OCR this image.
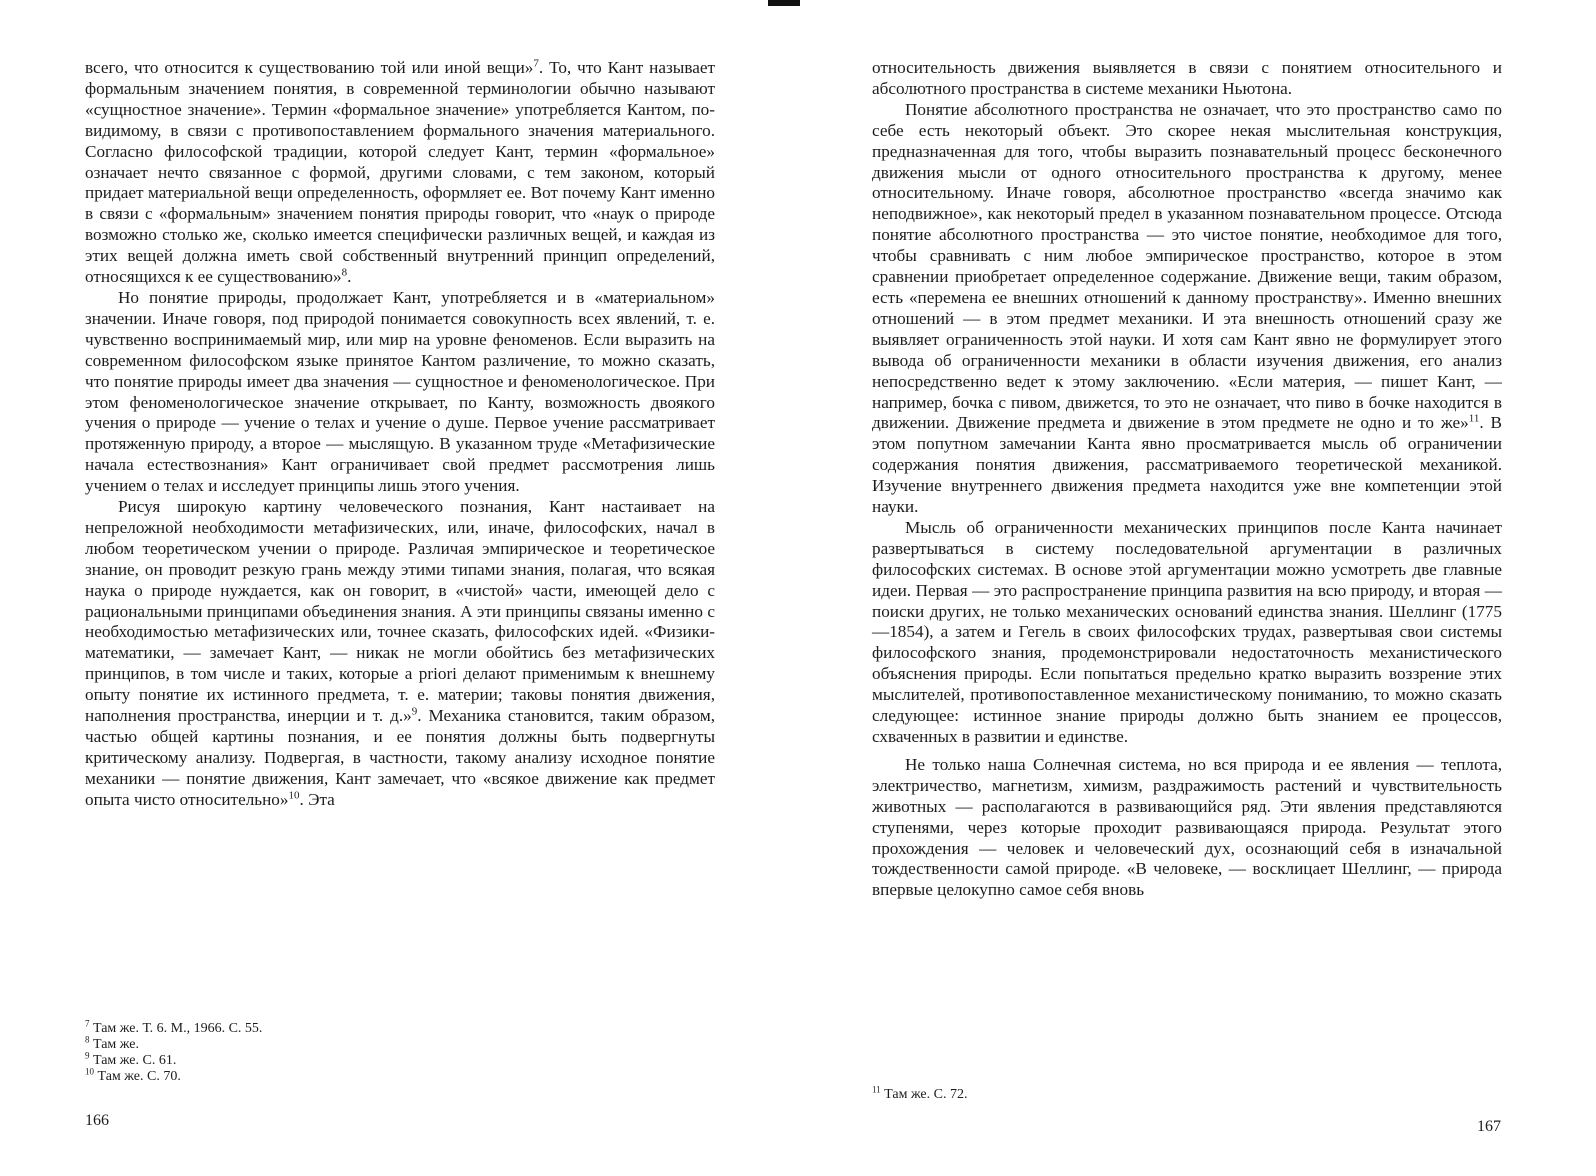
всего, что относится к существованию той или иной вещи»$^7$. То, что Кант называет формальным значением понятия, в современной терминологии обычно называют «сущностное значение». Термин «формальное значение» употребляется Кантом, по-видимому, в связи с противопоставлением формального значения материального. Согласно философской традиции, которой следует Кант, термин «формальное» означает нечто связанное с формой, другими словами, с тем законом, который придает материальной вещи определенность, оформляет ее. Вот почему Кант именно в связи с «формальным» значением понятия природы говорит, что «наук о природе возможно столько же, сколько имеется специфически различных вещей, и каждая из этих вещей должна иметь свой собственный внутренний принцип определений, относящихся к ее существованию»$^8$.

Но понятие природы, продолжает Кант, употребляется и в «материальном» значении. Иначе говоря, под природой понимается совокупность всех явлений, т. е. чувственно воспринимаемый мир, или мир на уровне феноменов. Если выразить на современном философском языке принятое Кантом различение, то можно сказать, что понятие природы имеет два значения — сущностное и феноменологическое. При этом феноменологическое значение открывает, по Канту, возможность двоякого учения о природе — учение о телах и учение о душе. Первое учение рассматривает протяженную природу, а второе — мыслящую. В указанном труде «Метафизические начала естествознания» Кант ограничивает свой предмет рассмотрения лишь учением о телах и исследует принципы лишь этого учения.

Рисуя широкую картину человеческого познания, Кант настаивает на непреложной необходимости метафизических, или, иначе, философских, начал в любом теоретическом учении о природе. Различая эмпирическое и теоретическое знание, он проводит резкую грань между этими типами знания, полагая, что всякая наука о природе нуждается, как он говорит, в «чистой» части, имеющей дело с рациональными принципами объединения знания. А эти принципы связаны именно с необходимостью метафизических или, точнее сказать, философских идей. «Физики-математики, — замечает Кант, — никак не могли обойтись без метафизических принципов, в том числе и таких, которые a priori делают применимым к внешнему опыту понятие их истинного предмета, т. е. материи; таковы понятия движения, наполнения пространства, инерции и т. д.»$^9$. Механика становится, таким образом, частью общей картины познания, и ее понятия должны быть подвергнуты критическому анализу. Подвергая, в частности, такому анализу исходное понятие механики — понятие движения, Кант замечает, что «всякое движение как предмет опыта чисто относительно»$^{10}$. Эта

$^7$ Там же. Т. 6. М., 1966. С. 55.
$^8$ Там же.
$^9$ Там же. С. 61.
$^{10}$ Там же. С. 70.
166

относительность движения выявляется в связи с понятием относительного и абсолютного пространства в системе механики Ньютона.

Понятие абсолютного пространства не означает, что это пространство само по себе есть некоторый объект. Это скорее некая мыслительная конструкция, предназначенная для того, чтобы выразить познавательный процесс бесконечного движения мысли от одного относительного пространства к другому, менее относительному. Иначе говоря, абсолютное пространство «всегда значимо как неподвижное», как некоторый предел в указанном познавательном процессе. Отсюда понятие абсолютного пространства — это чистое понятие, необходимое для того, чтобы сравнивать с ним любое эмпирическое пространство, которое в этом сравнении приобретает определенное содержание. Движение вещи, таким образом, есть «перемена ее внешних отношений к данному пространству». Именно внешних отношений — в этом предмет механики. И эта внешность отношений сразу же выявляет ограниченность этой науки. И хотя сам Кант явно не формулирует этого вывода об ограниченности механики в области изучения движения, его анализ непосредственно ведет к этому заключению. «Если материя, — пишет Кант, — например, бочка с пивом, движется, то это не означает, что пиво в бочке находится в движении. Движение предмета и движение в этом предмете не одно и то же»$^{11}$. В этом попутном замечании Канта явно просматривается мысль об ограничении содержания понятия движения, рассматриваемого теоретической механикой. Изучение внутреннего движения предмета находится уже вне компетенции этой науки.

Мысль об ограниченности механических принципов после Канта начинает развертываться в систему последовательной аргументации в различных философских системах. В основе этой аргументации можно усмотреть две главные идеи. Первая — это распространение принципа развития на всю природу, и вторая — поиски других, не только механических оснований единства знания. Шеллинг (1775—1854), а затем и Гегель в своих философских трудах, развертывая свои системы философского знания, продемонстрировали недостаточность механистического объяснения природы. Если попытаться предельно кратко выразить воззрение этих мыслителей, противопоставленное механистическому пониманию, то можно сказать следующее: истинное знание природы должно быть знанием ее процессов, схваченных в развитии и единстве.

Не только наша Солнечная система, но вся природа и ее явления — теплота, электричество, магнетизм, химизм, раздражимость растений и чувствительность животных — располагаются в развивающийся ряд. Эти явления представляются ступенями, через которые проходит развивающаяся природа. Результат этого прохождения — человек и человеческий дух, осознающий себя в изначальной тождественности самой природе. «В человеке, — восклицает Шеллинг, — природа впервые целокупно самое себя вновь

$^{11}$ Там же. С. 72.
167
